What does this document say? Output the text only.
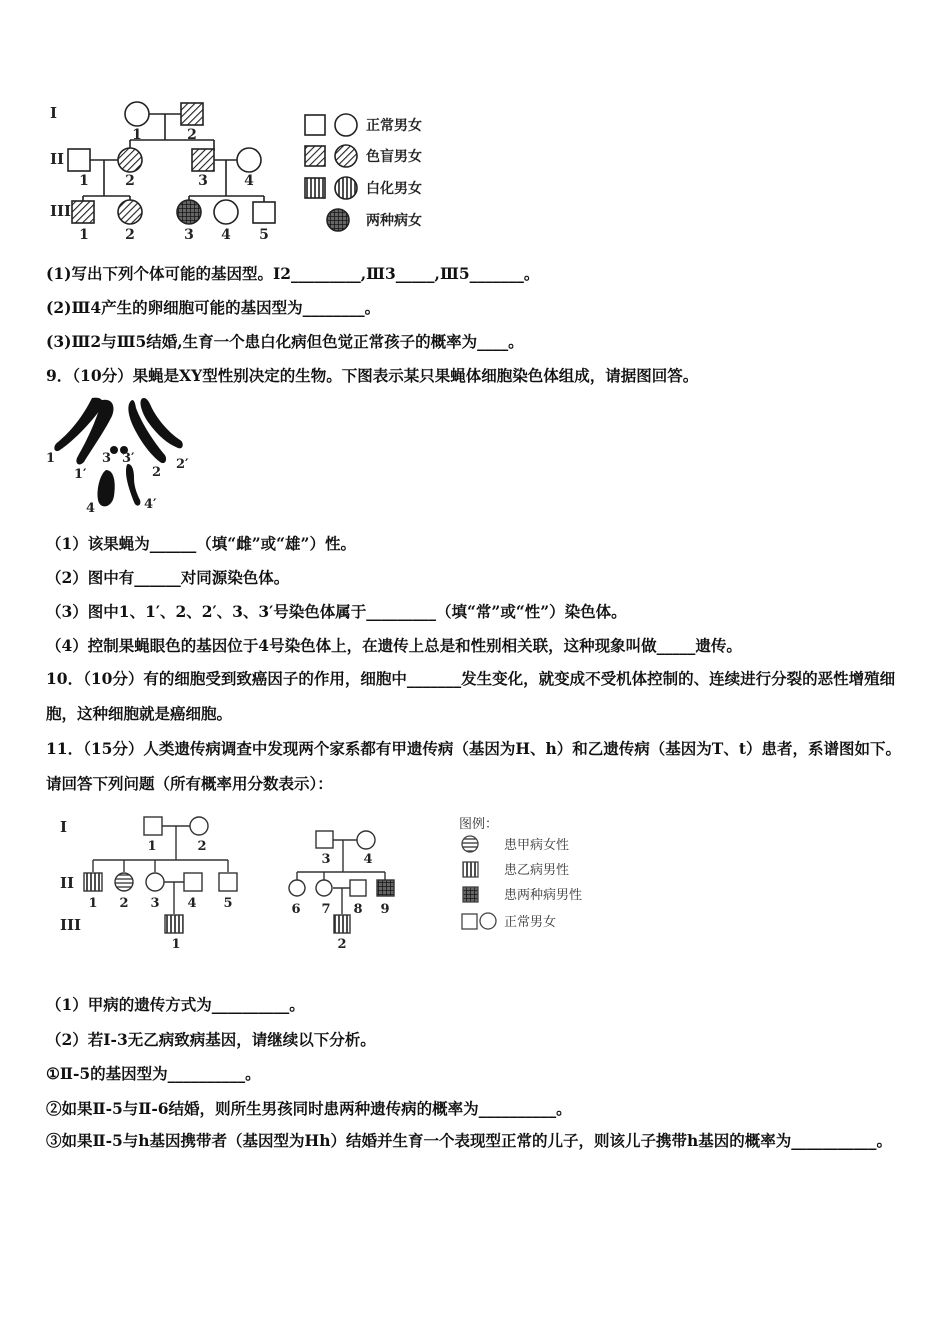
I
II
III
1	2
1	2	3	4
1	2	3 4 5
正常男女
色盲男女
白化男女
两种病女
(1)写出下列个体可能的基因型。Ⅰ2_________,Ⅲ3_____,Ⅲ5_______。
(2)Ⅲ4产生的卵细胞可能的基因型为________。
(3)Ⅲ2与Ⅲ5结婚,生育一个患白化病但色觉正常孩子的概率为____。
9．（10分）果蝇是XY型性别决定的生物。下图表示某只果蝇体细胞染色体组成，请据图回答。
1
1′
3 3′
2
2′
4	4′
（1）该果蝇为______（填“雌”或“雄”）性。
（2）图中有______对同源染色体。
（3）图中1、1′、2、2′、3、3′号染色体属于_________（填“常”或“性”）染色体。
（4）控制果蝇眼色的基因位于4号染色体上，在遗传上总是和性别相关联，这种现象叫做_____遗传。
10．（10分）有的细胞受到致癌因子的作用，细胞中_______发生变化，就变成不受机体控制的、连续进行分裂的恶性增殖细胞，这种细胞就是癌细胞。
11．（15分）人类遗传病调查中发现两个家系都有甲遗传病（基因为H、h）和乙遗传病（基因为T、t）患者，系谱图如下。请回答下列问题（所有概率用分数表示）：
I
II
III
1	2
1 2 3 4 5
1
3	4
6 7 8 9
2
图例：
患甲病女性
患乙病男性
患两种病男性
正常男女
（1）甲病的遗传方式为__________。
（2）若I-3无乙病致病基因，请继续以下分析。
①Ⅱ-5的基因型为__________。
②如果Ⅱ-5与Ⅱ-6结婚，则所生男孩同时患两种遗传病的概率为__________。
③如果Ⅱ-5与h基因携带者（基因型为Hh）结婚并生育一个表现型正常的儿子，则该儿子携带h基因的概率为___________。
